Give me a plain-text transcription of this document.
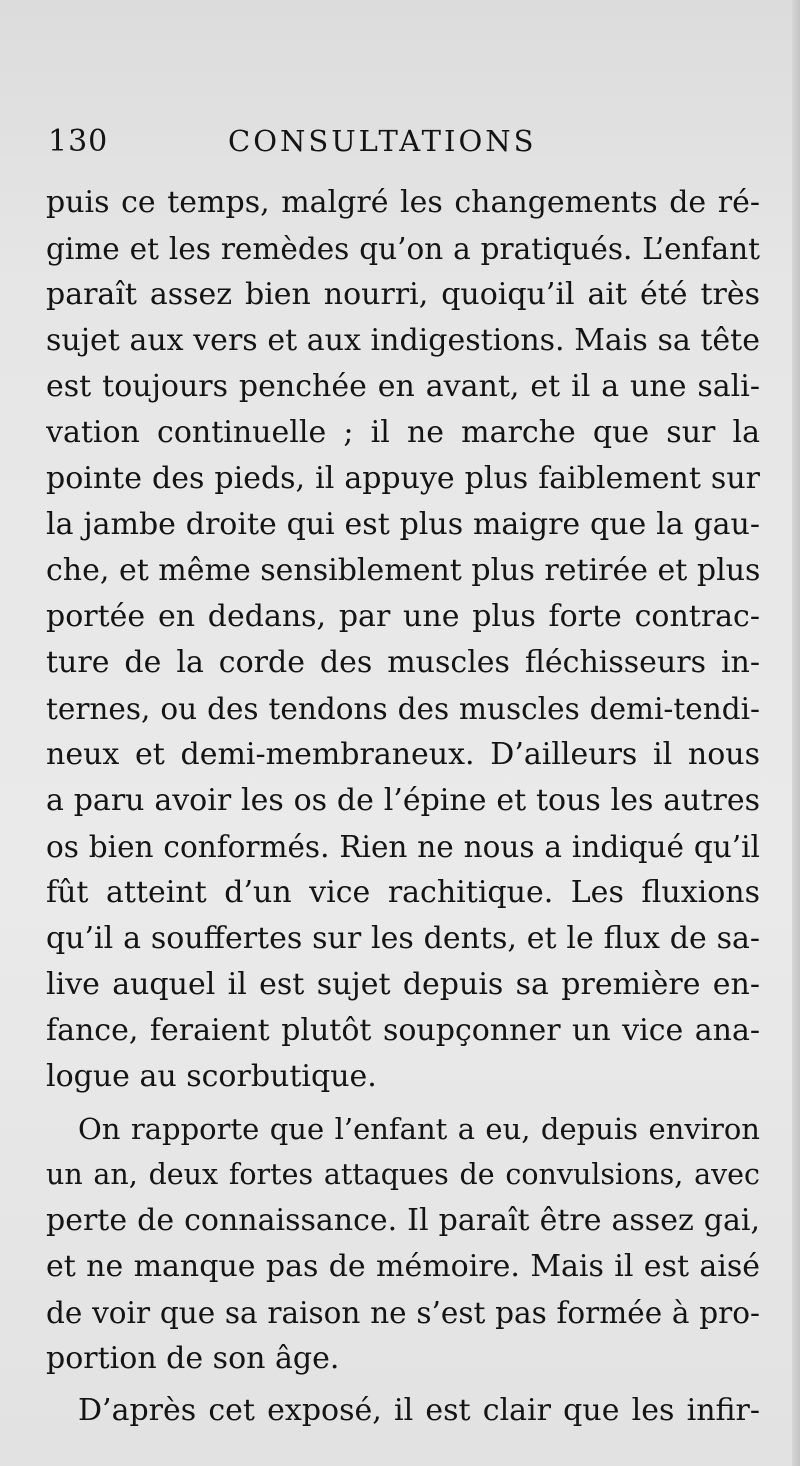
130	CONSULTATIONS
puis ce temps, malgré les changements de ré-
gime et les remèdes qu’on a pratiqués. L’enfant
paraît assez bien nourri, quoiqu’il ait été très
sujet aux vers et aux indigestions. Mais sa tête
est toujours penchée en avant, et il a une sali-
vation continuelle ; il ne marche que sur la
pointe des pieds, il appuye plus faiblement sur
la jambe droite qui est plus maigre que la gau-
che, et même sensiblement plus retirée et plus
portée en dedans, par une plus forte contrac-
ture de la corde des muscles fléchisseurs in-
ternes, ou des tendons des muscles demi-tendi-
neux et demi-membraneux. D’ailleurs il nous
a paru avoir les os de l’épine et tous les autres
os bien conformés. Rien ne nous a indiqué qu’il
fût atteint d’un vice rachitique. Les fluxions
qu’il a souffertes sur les dents, et le flux de sa-
live auquel il est sujet depuis sa première en-
fance, feraient plutôt soupçonner un vice ana-
logue au scorbutique.
On rapporte que l’enfant a eu, depuis environ
un an, deux fortes attaques de convulsions, avec
perte de connaissance. Il paraît être assez gai,
et ne manque pas de mémoire. Mais il est aisé
de voir que sa raison ne s’est pas formée à pro-
portion de son âge.
D’après cet exposé, il est clair que les infir-
